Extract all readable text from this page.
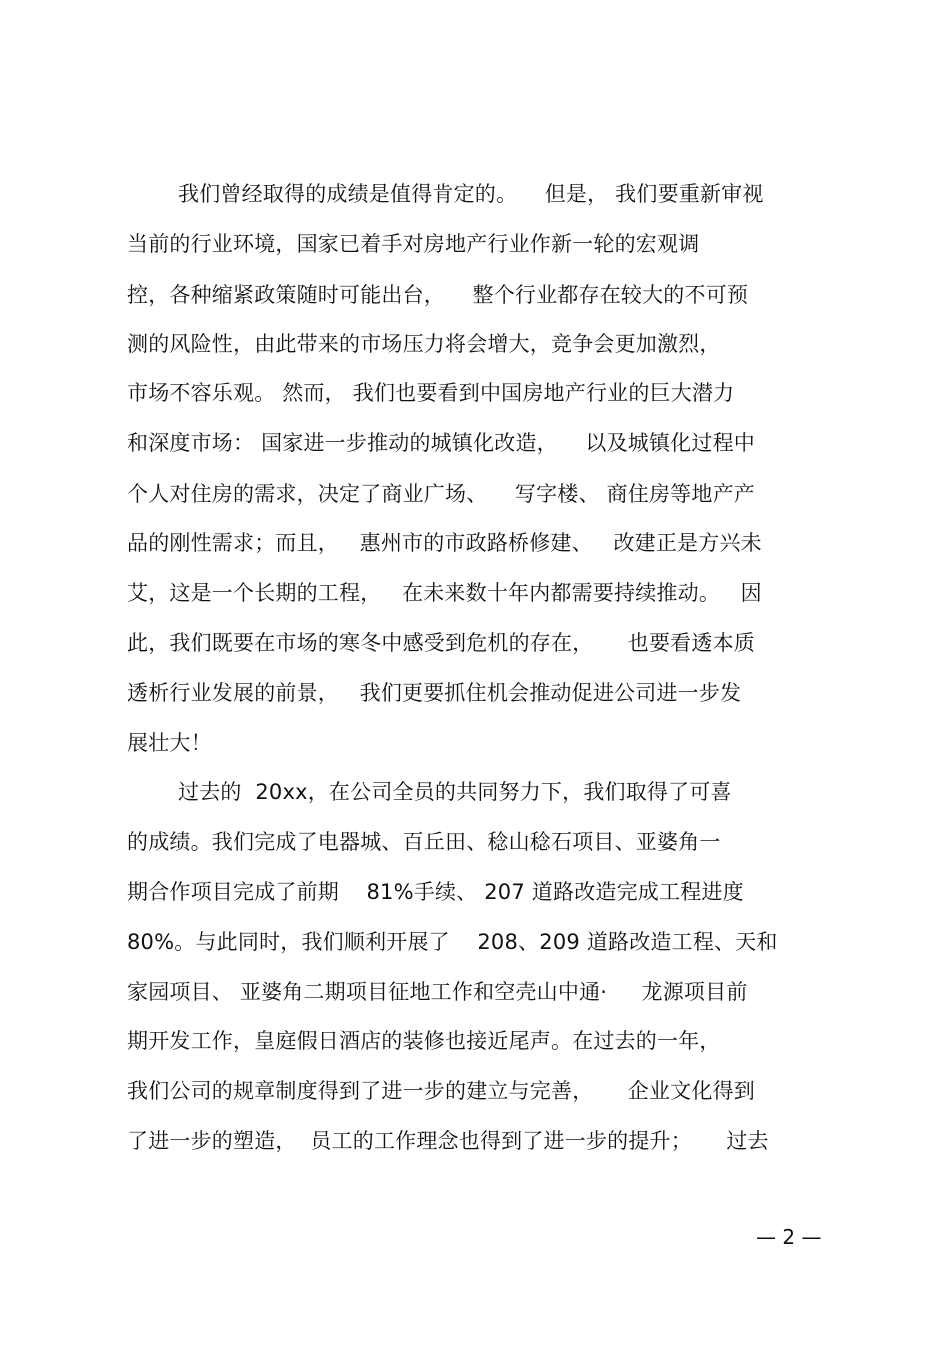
我们曾经取得的成绩是值得肯定的。    但是， 我们要重新审视
当前的行业环境，国家已着手对房地产行业作新一轮的宏观调
控，各种缩紧政策随时可能出台，    整个行业都存在较大的不可预
测的风险性，由此带来的市场压力将会增大，竞争会更加激烈，
市场不容乐观。 然而， 我们也要看到中国房地产行业的巨大潜力
和深度市场： 国家进一步推动的城镇化改造，    以及城镇化过程中
个人对住房的需求，决定了商业广场、    写字楼、 商住房等地产产
品的刚性需求；而且，   惠州市的市政路桥修建、   改建正是方兴未
艾，这是一个长期的工程，   在未来数十年内都需要持续推动。   因
此，我们既要在市场的寒冬中感受到危机的存在，     也要看透本质
透析行业发展的前景，   我们更要抓住机会推动促进公司进一步发
展壮大！
过去的  20xx，在公司全员的共同努力下，我们取得了可喜
的成绩。我们完成了电器城、百丘田、稔山稔石项目、亚婆角一
期合作项目完成了前期    81%手续、 207 道路改造完成工程进度
80%。与此同时，我们顺利开展了    208、209 道路改造工程、天和
家园项目、 亚婆角二期项目征地工作和空壳山中通·     龙源项目前
期开发工作，皇庭假日酒店的装修也接近尾声。在过去的一年，
我们公司的规章制度得到了进一步的建立与完善，     企业文化得到
了进一步的塑造，  员工的工作理念也得到了进一步的提升；     过去
— 2 —
